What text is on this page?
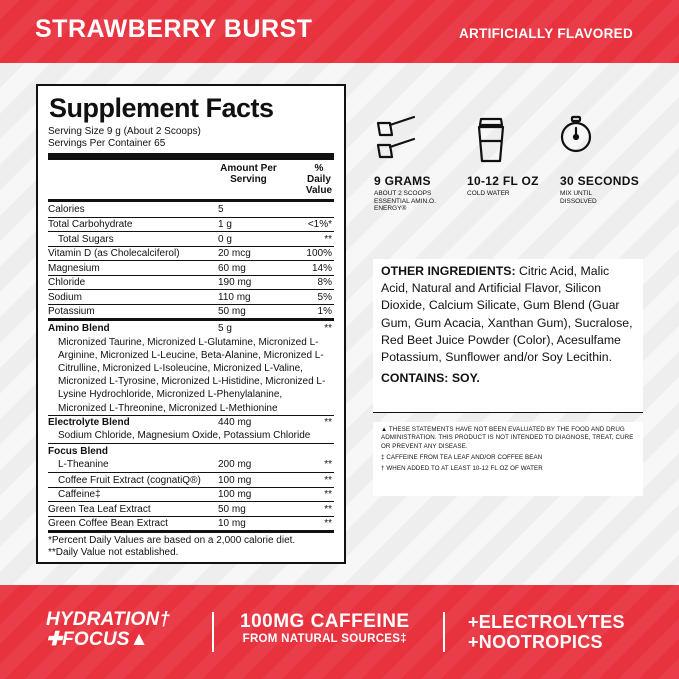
STRAWBERRY BURST	ARTIFICIALLY FLAVORED
Supplement Facts
Serving Size 9 g (About 2 Scoops)
Servings Per Container 65
Amount Per Serving
% Daily Value
Calories	5
Total Carbohydrate	1 g	<1%*
Total Sugars	0 g	**
Vitamin D (as Cholecalciferol)	20 mcg	100%
Magnesium	60 mg	14%
Chloride	190 mg	8%
Sodium	110 mg	5%
Potassium	50 mg	1%
Amino Blend	5 g	**
Micronized Taurine, Micronized L-Glutamine, Micronized L-Arginine, Micronized L-Leucine, Beta-Alanine, Micronized L-Citrulline, Micronized L-Isoleucine, Micronized L-Valine, Micronized L-Tyrosine, Micronized L-Histidine, Micronized L-Lysine Hydrochloride, Micronized L-Phenylalanine, Micronized L-Threonine, Micronized L-Methionine
Electrolyte Blend	440 mg	**
Sodium Chloride, Magnesium Oxide, Potassium Chloride
Focus Blend
L-Theanine	200 mg	**
Coffee Fruit Extract (cognatiQ®)	100 mg	**
Caffeine‡	100 mg	**
Green Tea Leaf Extract	50 mg	**
Green Coffee Bean Extract	10 mg	**
*Percent Daily Values are based on a 2,000 calorie diet.
**Daily Value not established.
9 GRAMS
ABOUT 2 SCOOPS ESSENTIAL AMIN.O. ENERGY®
10-12 FL OZ
COLD WATER
30 SECONDS
MIX UNTIL DISSOLVED
OTHER INGREDIENTS: Citric Acid, Malic Acid, Natural and Artificial Flavor, Silicon Dioxide, Calcium Silicate, Gum Blend (Guar Gum, Gum Acacia, Xanthan Gum), Sucralose, Red Beet Juice Powder (Color), Acesulfame Potassium, Sunflower and/or Soy Lecithin.
CONTAINS: SOY.

▲ THESE STATEMENTS HAVE NOT BEEN EVALUATED BY THE FOOD AND DRUG ADMINISTRATION. THIS PRODUCT IS NOT INTENDED TO DIAGNOSE, TREAT, CURE OR PREVENT ANY DISEASE.

‡ CAFFEINE FROM TEA LEAF AND/OR COFFEE BEAN

† WHEN ADDED TO AT LEAST 10-12 FL OZ OF WATER

HYDRATION†
✚FOCUS▲
100MG CAFFEINE
FROM NATURAL SOURCES‡
+ELECTROLYTES
+NOOTROPICS
